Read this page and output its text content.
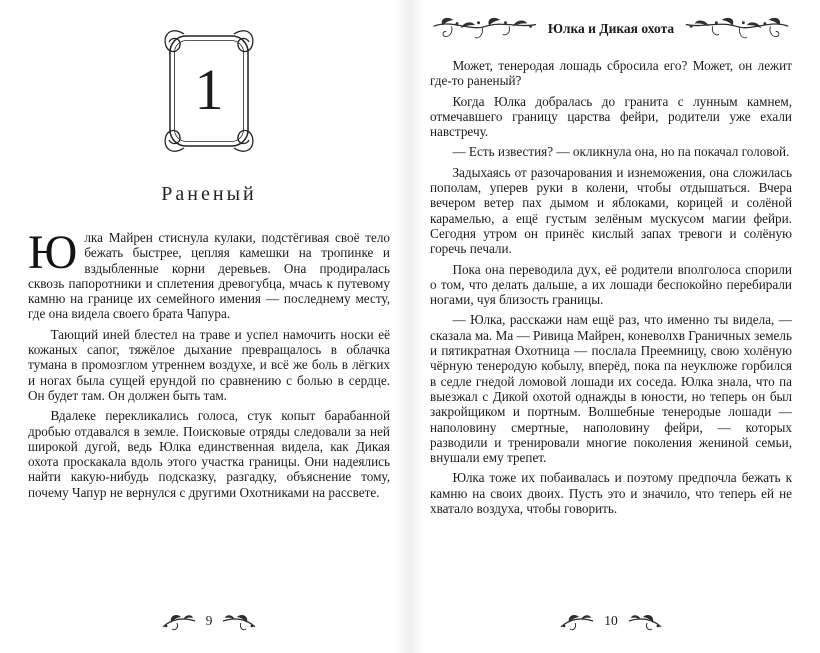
1
Раненый

Юлка Майрен стиснула кулаки, подстёгивая своё тело бежать быстрее, цепляя камешки на тропинке и вздыбленные корни деревьев. Она продиралась сквозь папоротники и сплетения древогубца, мчась к путевому камню на границе их семейного имения — последнему месту, где она видела своего брата Чапура.

Тающий иней блестел на траве и успел намочить носки её кожаных сапог, тяжёлое дыхание превращалось в облачка тумана в промозглом утреннем воздухе, и всё же боль в лёгких и ногах была сущей ерундой по сравнению с болью в сердце. Он будет там. Он должен быть там.

Вдалеке перекликались голоса, стук копыт барабанной дробью отдавался в земле. Поисковые отряды следовали за ней широкой дугой, ведь Юлка единственная видела, как Дикая охота проскакала вдоль этого участка границы. Они надеялись найти какую-нибудь подсказку, разгадку, объяснение тому, почему Чапур не вернулся с другими Охотниками на рассвете.

9
Юлка и Дикая охота

Может, тенеродая лошадь сбросила его? Может, он лежит где-то раненый?

Когда Юлка добралась до гранита с лунным камнем, отмечавшего границу царства фейри, родители уже ехали навстречу.

— Есть известия? — окликнула она, но па покачал головой.

Задыхаясь от разочарования и изнеможения, она сложилась пополам, уперев руки в колени, чтобы отдышаться. Вчера вечером ветер пах дымом и яблоками, корицей и солёной карамелью, а ещё густым зелёным мускусом магии фейри. Сегодня утром он принёс кислый запах тревоги и солёную горечь печали.

Пока она переводила дух, её родители вполголоса спорили о том, что делать дальше, а их лошади беспокойно перебирали ногами, чуя близость границы.

— Юлка, расскажи нам ещё раз, что именно ты видела, — сказала ма. Ма — Ривица Майрен, коневолхв Граничных земель и пятикратная Охотница — послала Преемницу, свою холёную чёрную тенеродую кобылу, вперёд, пока па неуклюже горбился в седле гнедой ломовой лошади их соседа. Юлка знала, что па выезжал с Дикой охотой однажды в юности, но теперь он был закройщиком и портным. Волшебные тенеродые лошади — наполовину смертные, наполовину фейри, — которых разводили и тренировали многие поколения жениной семьи, внушали ему трепет.

Юлка тоже их побаивалась и поэтому предпочла бежать к камню на своих двоих. Пусть это и значило, что теперь ей не хватало воздуха, чтобы говорить.

10
